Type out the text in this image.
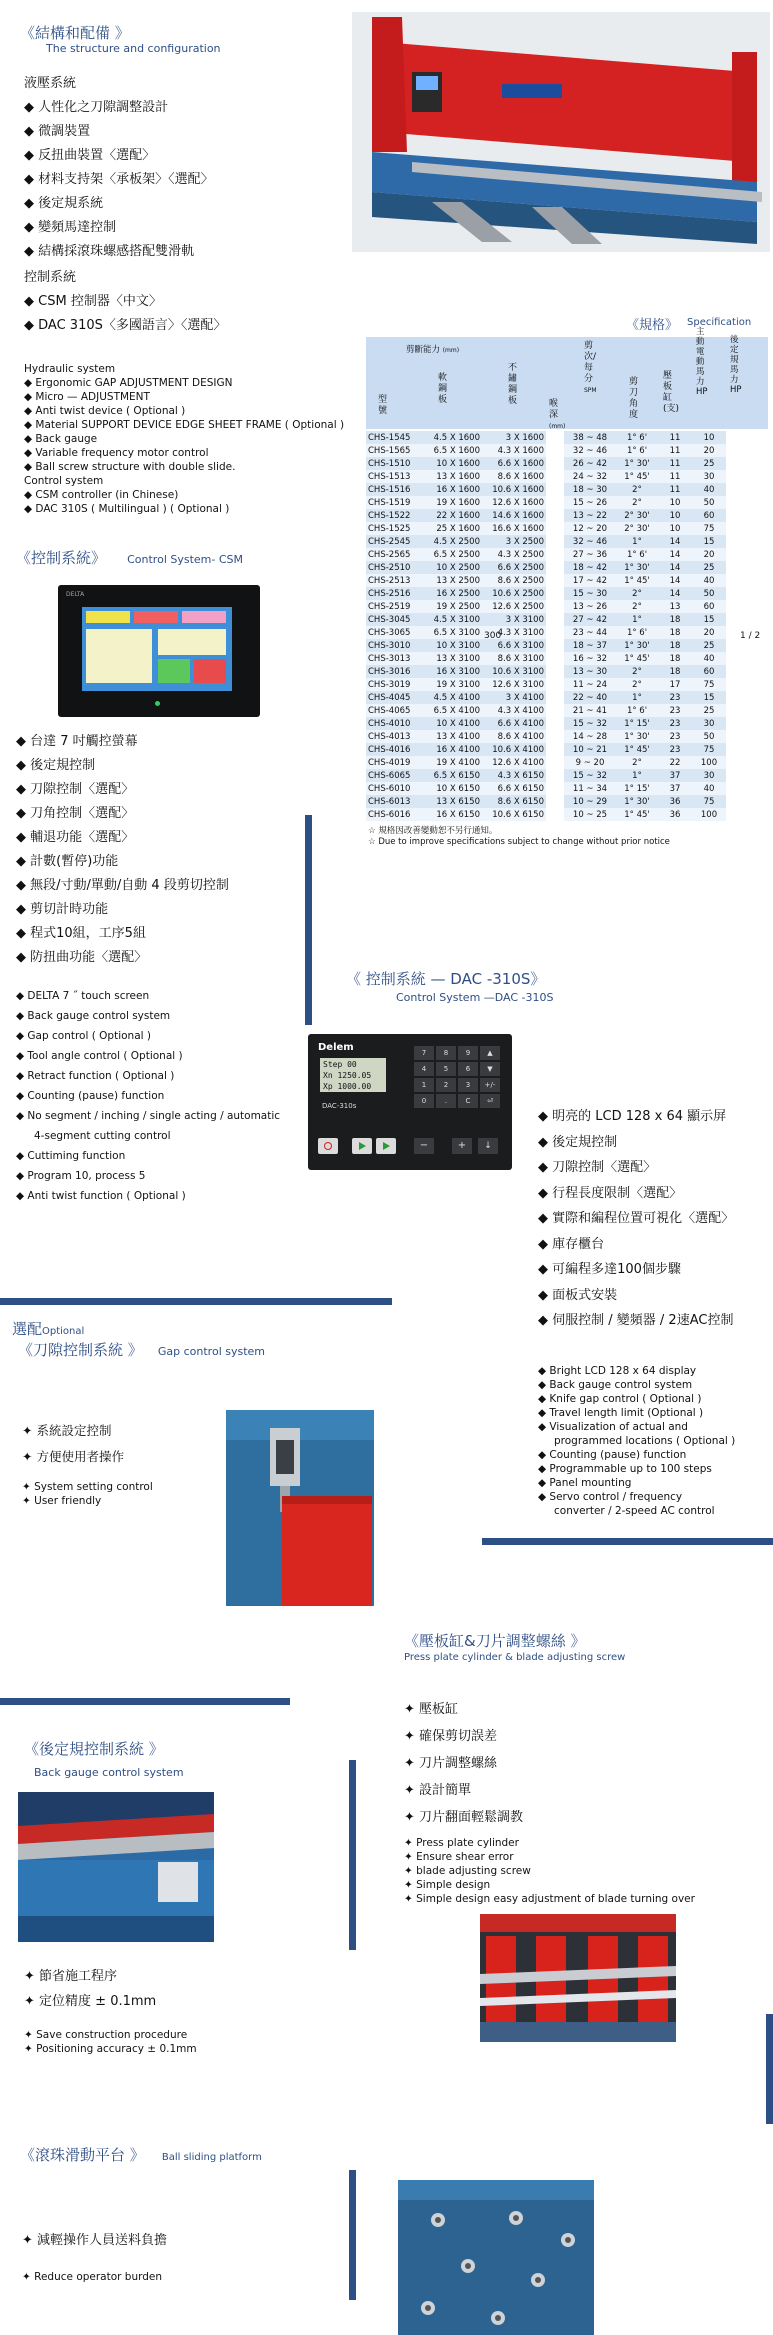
《結構和配備 》
The structure and configuration
液壓系統
◆ 人性化之刀隙調整設計
◆ 微調裝置
◆ 反扭曲裝置〈選配〉
◆ 材料支持架〈承板架〉〈選配〉
◆ 後定規系統
◆ 變頻馬達控制
◆ 結構採滾珠螺感搭配雙滑軌
控制系統
◆ CSM 控制器〈中文〉
◆ DAC 310S〈多國語言〉〈選配〉
Hydraulic system
◆ Ergonomic GAP ADJUSTMENT DESIGN
◆ Micro — ADJUSTMENT
◆ Anti twist device ( Optional )
◆ Material SUPPORT DEVICE EDGE SHEET FRAME ( Optional )
◆ Back gauge
◆ Variable frequency motor control
◆ Ball screw structure with double slide.
Control system
◆ CSM controller (in Chinese)
◆ DAC 310S ( Multilingual ) ( Optional )
《規格》 Specification
剪斷能力 (mm)
型號
軟鋼板
不鏽鋼板	喉深
(mm)
剪次/每分
SPM
剪刀角度
壓板缸(支)
主動電動馬力HP
後定規馬力HP
CHS-1545	4.5 X 1600	3 X 1600		38 ~ 48	1° 6'	11	10	
CHS-1565	6.5 X 1600	4.3 X 1600		32 ~ 46	1° 6'	11	20	
CHS-1510	10 X 1600	6.6 X 1600		26 ~ 42	1° 30'	11	25	
CHS-1513	13 X 1600	8.6 X 1600		24 ~ 32	1° 45'	11	30	
CHS-1516	16 X 1600	10.6 X 1600		18 ~ 30	2°	11	40	
CHS-1519	19 X 1600	12.6 X 1600		15 ~ 26	2°	10	50	
CHS-1522	22 X 1600	14.6 X 1600		13 ~ 22	2° 30'	10	60	
CHS-1525	25 X 1600	16.6 X 1600		12 ~ 20	2° 30'	10	75	
CHS-2545	4.5 X 2500	3 X 2500		32 ~ 46	1°	14	15	
CHS-2565	6.5 X 2500	4.3 X 2500		27 ~ 36	1° 6'	14	20	
CHS-2510	10 X 2500	6.6 X 2500		18 ~ 42	1° 30'	14	25	
CHS-2513	13 X 2500	8.6 X 2500		17 ~ 42	1° 45'	14	40	
CHS-2516	16 X 2500	10.6 X 2500		15 ~ 30	2°	14	50	
CHS-2519	19 X 2500	12.6 X 2500		13 ~ 26	2°	13	60	
CHS-3045	4.5 X 3100	3 X 3100		27 ~ 42	1°	18	15	
CHS-3065	6.5 X 3100	4.3 X 3100		23 ~ 44	1° 6'	18	20	
CHS-3010	10 X 3100	6.6 X 3100		18 ~ 37	1° 30'	18	25	
CHS-3013	13 X 3100	8.6 X 3100		16 ~ 32	1° 45'	18	40	
CHS-3016	16 X 3100	10.6 X 3100		13 ~ 30	2°	18	60	
CHS-3019	19 X 3100	12.6 X 3100		11 ~ 24	2°	17	75	
CHS-4045	4.5 X 4100	3 X 4100		22 ~ 40	1°	23	15	
CHS-4065	6.5 X 4100	4.3 X 4100		21 ~ 41	1° 6'	23	25	
CHS-4010	10 X 4100	6.6 X 4100		15 ~ 32	1° 15'	23	30	
CHS-4013	13 X 4100	8.6 X 4100		14 ~ 28	1° 30'	23	50	
CHS-4016	16 X 4100	10.6 X 4100		10 ~ 21	1° 45'	23	75	
CHS-4019	19 X 4100	12.6 X 4100		9 ~ 20	2°	22	100	
CHS-6065	6.5 X 6150	4.3 X 6150		15 ~ 32	1°	37	30	
CHS-6010	10 X 6150	6.6 X 6150		11 ~ 34	1° 15'	37	40	
CHS-6013	13 X 6150	8.6 X 6150		10 ~ 29	1° 30'	36	75	
CHS-6016	16 X 6150	10.6 X 6150		10 ~ 25	1° 45'	36	100	
300	1 / 2
☆ 規格因改善變動恕不另行通知。
☆ Due to improve specifications subject to change without prior notice
《控制系統》 Control System- CSM
DELTA
◆ 台達 7 吋觸控螢幕
◆ 後定規控制
◆ 刀隙控制〈選配〉
◆ 刀角控制〈選配〉
◆ 輔退功能〈選配〉
◆ 計數(暫停)功能
◆ 無段/寸動/單動/自動 4 段剪切控制
◆ 剪切計時功能
◆ 程式10組，工序5組
◆ 防扭曲功能〈選配〉
◆ DELTA 7 ˝ touch screen
◆ Back gauge control system
◆ Gap control ( Optional )
◆ Tool angle control ( Optional )
◆ Retract function ( Optional )
◆ Counting (pause) function
◆ No segment / inching / single acting / automatic
4-segment cutting control
◆ Cuttiming function
◆ Program 10, process 5
◆ Anti twist function ( Optional )
《 控制系統 — DAC -310S》
Control System —DAC -310S
Delem
Step 00
Xn 1250.05
Xp 1000.00
DAC-310s
7	8	9	▲
4	5	6	▼
1	2	3	+/-
0	.	C	⏎
−	+	↓
◆ 明亮的 LCD 128 x 64 顯示屏
◆ 後定規控制
◆ 刀隙控制〈選配〉
◆ 行程長度限制〈選配〉
◆ 實際和編程位置可視化〈選配〉
◆ 庫存櫃台
◆ 可編程多達100個步驟
◆ 面板式安裝
◆ 伺服控制 / 變頻器 / 2速AC控制
◆ Bright LCD 128 x 64 display
◆ Back gauge control system
◆ Knife gap control ( Optional )
◆ Travel length limit (Optional )
◆ Visualization of actual and
programmed locations ( Optional )
◆ Counting (pause) function
◆ Programmable up to 100 steps
◆ Panel mounting
◆ Servo control / frequency
converter / 2-speed AC control
選配Optional
《刀隙控制系統 》 Gap control system
✦ 系統設定控制
✦ 方便使用者操作
✦ System setting control
✦ User friendly
《壓板缸&刀片調整螺絲 》
Press plate cylinder & blade adjusting screw
✦ 壓板缸
✦ 確保剪切誤差
✦ 刀片調整螺絲
✦ 設計簡單
✦ 刀片翻面輕鬆調教
✦ Press plate cylinder
✦ Ensure shear error
✦ blade adjusting screw
✦ Simple design
✦ Simple design easy adjustment of blade turning over
《後定規控制系統 》
Back gauge control system
✦ 節省施工程序
✦ 定位精度 ± 0.1mm
✦ Save construction procedure
✦ Positioning accuracy ± 0.1mm
《滾珠滑動平台 》 Ball sliding platform
✦ 減輕操作人員送料負擔
✦ Reduce operator burden
